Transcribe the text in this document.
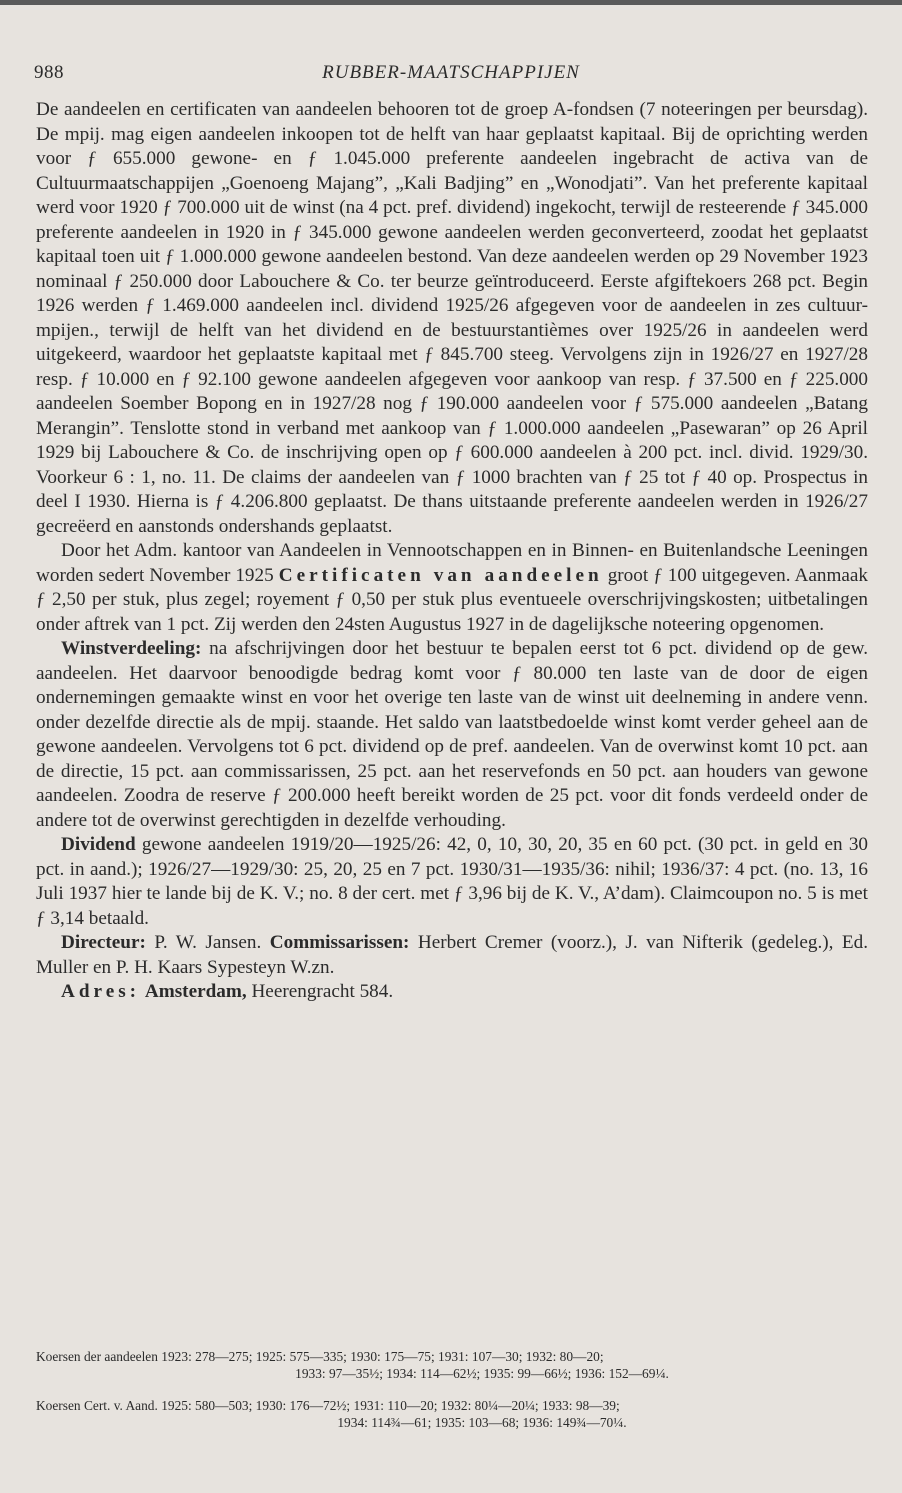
988	RUBBER-MAATSCHAPPIJEN

De aandeelen en certificaten van aandeelen behooren tot de groep A-fondsen (7 noteeringen per beursdag). De mpij. mag eigen aandeelen inkoopen tot de helft van haar geplaatst kapitaal. Bij de oprichting werden voor ƒ 655.000 gewone- en ƒ 1.045.000 preferente aandeelen ingebracht de activa van de Cultuurmaatschappijen „Goenoeng Majang”, „Kali Badjing” en „Wonodjati”. Van het preferente kapitaal werd voor 1920 ƒ 700.000 uit de winst (na 4 pct. pref. dividend) ingekocht, terwijl de resteerende ƒ 345.000 preferente aandeelen in 1920 in ƒ 345.000 gewone aandeelen werden geconverteerd, zoodat het geplaatst kapitaal toen uit ƒ 1.000.000 gewone aandeelen bestond. Van deze aandeelen werden op 29 November 1923 nominaal ƒ 250.000 door Labouchere & Co. ter beurze geïntroduceerd. Eerste afgiftekoers 268 pct. Begin 1926 werden ƒ 1.469.000 aandeelen incl. dividend 1925/26 afgegeven voor de aandeelen in zes cultuur-mpijen., terwijl de helft van het dividend en de bestuurstantièmes over 1925/26 in aandeelen werd uitgekeerd, waardoor het geplaatste kapitaal met ƒ 845.700 steeg. Vervolgens zijn in 1926/27 en 1927/28 resp. ƒ 10.000 en ƒ 92.100 gewone aandeelen afgegeven voor aankoop van resp. ƒ 37.500 en ƒ 225.000 aandeelen Soember Bopong en in 1927/28 nog ƒ 190.000 aandeelen voor ƒ 575.000 aandeelen „Batang Merangin”. Tenslotte stond in verband met aankoop van ƒ 1.000.000 aandeelen „Pasewaran” op 26 April 1929 bij Labouchere & Co. de inschrijving open op ƒ 600.000 aandeelen à 200 pct. incl. divid. 1929/30. Voorkeur 6 : 1, no. 11. De claims der aandeelen van ƒ 1000 brachten van ƒ 25 tot ƒ 40 op. Prospectus in deel I 1930. Hierna is ƒ 4.206.800 geplaatst. De thans uitstaande preferente aandeelen werden in 1926/27 gecreëerd en aanstonds ondershands geplaatst.

Door het Adm. kantoor van Aandeelen in Vennootschappen en in Binnen- en Buitenlandsche Leeningen worden sedert November 1925 Certificaten van aandeelen groot ƒ 100 uitgegeven. Aanmaak ƒ 2,50 per stuk, plus zegel; royement ƒ 0,50 per stuk plus eventueele overschrijvingskosten; uitbetalingen onder aftrek van 1 pct. Zij werden den 24sten Augustus 1927 in de dagelijksche noteering opgenomen.

Winstverdeeling: na afschrijvingen door het bestuur te bepalen eerst tot 6 pct. dividend op de gew. aandeelen. Het daarvoor benoodigde bedrag komt voor ƒ 80.000 ten laste van de door de eigen ondernemingen gemaakte winst en voor het overige ten laste van de winst uit deelneming in andere venn. onder dezelfde directie als de mpij. staande. Het saldo van laatstbedoelde winst komt verder geheel aan de gewone aandeelen. Vervolgens tot 6 pct. dividend op de pref. aandeelen. Van de overwinst komt 10 pct. aan de directie, 15 pct. aan commissarissen, 25 pct. aan het reservefonds en 50 pct. aan houders van gewone aandeelen. Zoodra de reserve ƒ 200.000 heeft bereikt worden de 25 pct. voor dit fonds verdeeld onder de andere tot de overwinst gerechtigden in dezelfde verhouding.

Dividend gewone aandeelen 1919/20—1925/26: 42, 0, 10, 30, 20, 35 en 60 pct. (30 pct. in geld en 30 pct. in aand.); 1926/27—1929/30: 25, 20, 25 en 7 pct. 1930/31—1935/36: nihil; 1936/37: 4 pct. (no. 13, 16 Juli 1937 hier te lande bij de K. V.; no. 8 der cert. met ƒ 3,96 bij de K. V., A’dam). Claimcoupon no. 5 is met ƒ 3,14 betaald.

Directeur: P. W. Jansen. Commissarissen: Herbert Cremer (voorz.), J. van Nifterik (gedeleg.), Ed. Muller en P. H. Kaars Sypesteyn W.zn.

Adres: Amsterdam, Heerengracht 584.

Koersen der aandeelen 1923: 278—275; 1925: 575—335; 1930: 175—75; 1931: 107—30; 1932: 80—20;
1933: 97—35½; 1934: 114—62½; 1935: 99—66½; 1936: 152—69¼.
Koersen Cert. v. Aand. 1925: 580—503; 1930: 176—72½; 1931: 110—20; 1932: 80¼—20¼; 1933: 98—39;
1934: 114¾—61; 1935: 103—68; 1936: 149¾—70¼.
